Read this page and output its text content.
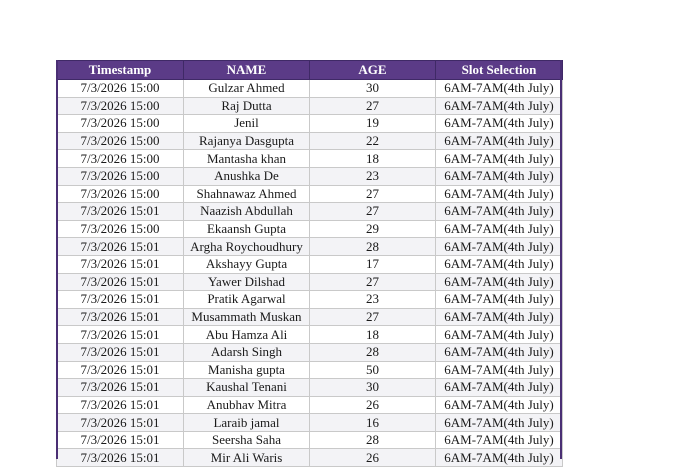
Timestamp	NAME	AGE	Slot Selection
7/3/2026 15:00	Gulzar Ahmed	30	6AM-7AM(4th July)
7/3/2026 15:00	Raj Dutta	27	6AM-7AM(4th July)
7/3/2026 15:00	Jenil	19	6AM-7AM(4th July)
7/3/2026 15:00	Rajanya Dasgupta	22	6AM-7AM(4th July)
7/3/2026 15:00	Mantasha khan	18	6AM-7AM(4th July)
7/3/2026 15:00	Anushka De	23	6AM-7AM(4th July)
7/3/2026 15:00	Shahnawaz Ahmed	27	6AM-7AM(4th July)
7/3/2026 15:01	Naazish Abdullah	27	6AM-7AM(4th July)
7/3/2026 15:00	Ekaansh Gupta	29	6AM-7AM(4th July)
7/3/2026 15:01	Argha Roychoudhury	28	6AM-7AM(4th July)
7/3/2026 15:01	Akshayy Gupta	17	6AM-7AM(4th July)
7/3/2026 15:01	Yawer Dilshad	27	6AM-7AM(4th July)
7/3/2026 15:01	Pratik Agarwal	23	6AM-7AM(4th July)
7/3/2026 15:01	Musammath Muskan	27	6AM-7AM(4th July)
7/3/2026 15:01	Abu Hamza Ali	18	6AM-7AM(4th July)
7/3/2026 15:01	Adarsh Singh	28	6AM-7AM(4th July)
7/3/2026 15:01	Manisha gupta	50	6AM-7AM(4th July)
7/3/2026 15:01	Kaushal Tenani	30	6AM-7AM(4th July)
7/3/2026 15:01	Anubhav Mitra	26	6AM-7AM(4th July)
7/3/2026 15:01	Laraib jamal	16	6AM-7AM(4th July)
7/3/2026 15:01	Seersha Saha	28	6AM-7AM(4th July)
7/3/2026 15:01	Mir Ali Waris	26	6AM-7AM(4th July)
